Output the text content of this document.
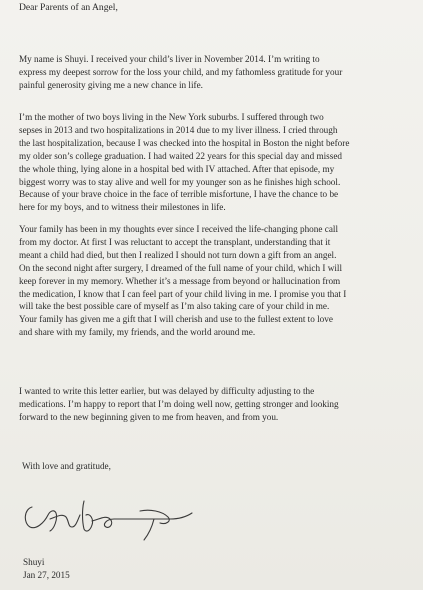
Dear Parents of an Angel,
My name is Shuyi. I received your child’s liver in November 2014. I’m writing to
express my deepest sorrow for the loss your child, and my fathomless gratitude for your
painful generosity giving me a new chance in life.
I’m the mother of two boys living in the New York suburbs. I suffered through two
sepses in 2013 and two hospitalizations in 2014 due to my liver illness. I cried through
the last hospitalization, because I was checked into the hospital in Boston the night before
my older son’s college graduation. I had waited 22 years for this special day and missed
the whole thing, lying alone in a hospital bed with IV attached. After that episode, my
biggest worry was to stay alive and well for my younger son as he finishes high school.
Because of your brave choice in the face of terrible misfortune, I have the chance to be
here for my boys, and to witness their milestones in life.
Your family has been in my thoughts ever since I received the life-changing phone call
from my doctor. At first I was reluctant to accept the transplant, understanding that it
meant a child had died, but then I realized I should not turn down a gift from an angel.
On the second night after surgery, I dreamed of the full name of your child, which I will
keep forever in my memory. Whether it’s a message from beyond or hallucination from
the medication, I know that I can feel part of your child living in me. I promise you that I
will take the best possible care of myself as I’m also taking care of your child in me.
Your family has given me a gift that I will cherish and use to the fullest extent to love
and share with my family, my friends, and the world around me.
I wanted to write this letter earlier, but was delayed by difficulty adjusting to the
medications. I’m happy to report that I’m doing well now, getting stronger and looking
forward to the new beginning given to me from heaven, and from you.
With love and gratitude,
Shuyi
Jan 27, 2015
